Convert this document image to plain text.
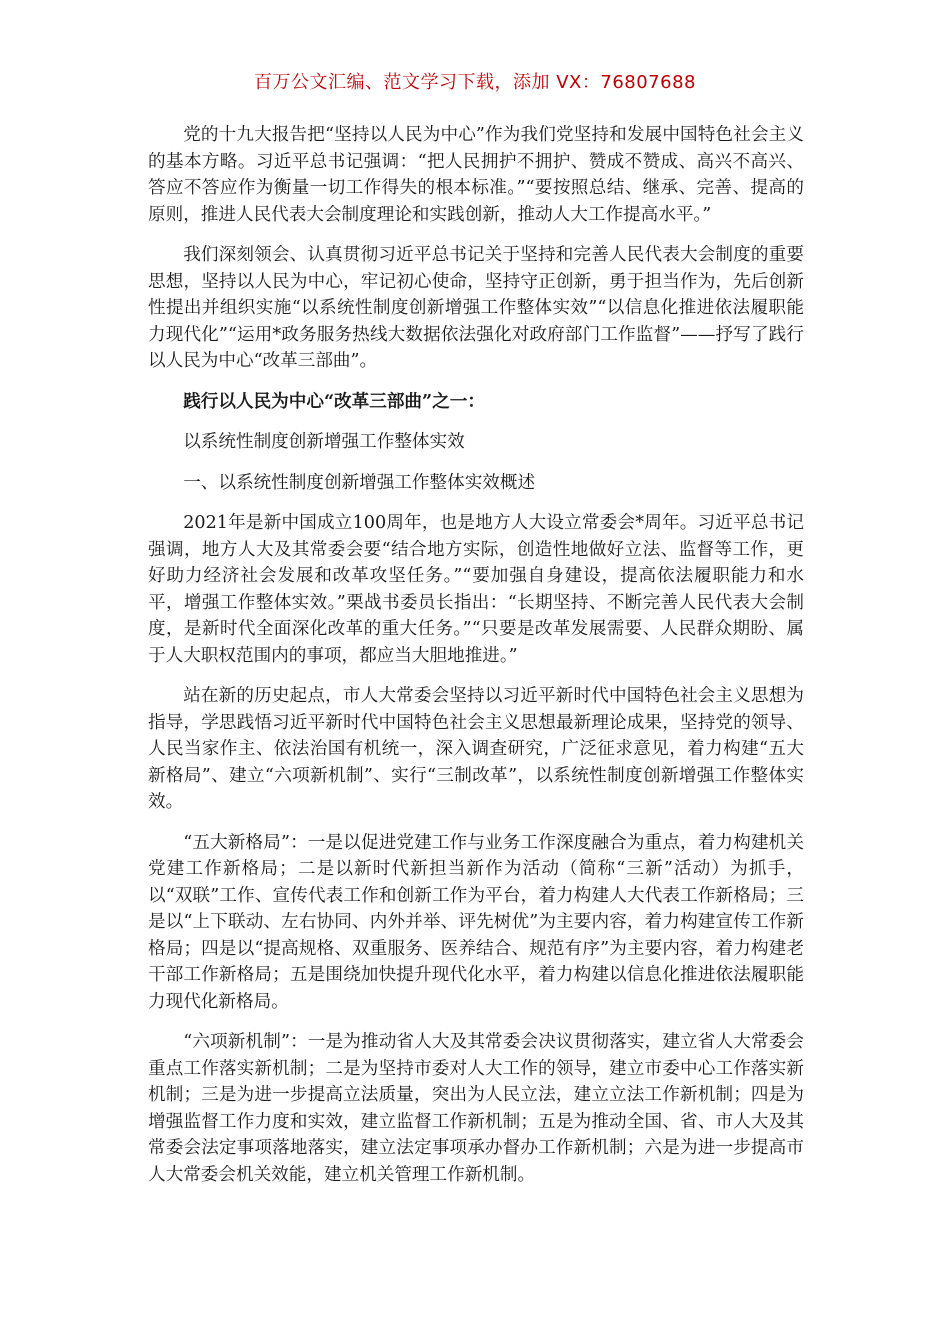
百万公文汇编、范文学习下载，添加 VX：76807688

党的十九大报告把“坚持以人民为中心”作为我们党坚持和发展中国特色社会主义的基本方略。习近平总书记强调：“把人民拥护不拥护、赞成不赞成、高兴不高兴、答应不答应作为衡量一切工作得失的根本标准。”“要按照总结、继承、完善、提高的原则，推进人民代表大会制度理论和实践创新，推动人大工作提高水平。”

我们深刻领会、认真贯彻习近平总书记关于坚持和完善人民代表大会制度的重要思想，坚持以人民为中心，牢记初心使命，坚持守正创新，勇于担当作为，先后创新性提出并组织实施“以系统性制度创新增强工作整体实效”“以信息化推进依法履职能力现代化”“运用*政务服务热线大数据依法强化对政府部门工作监督”——抒写了践行以人民为中心“改革三部曲”。

践行以人民为中心“改革三部曲”之一：

以系统性制度创新增强工作整体实效

一、以系统性制度创新增强工作整体实效概述

2021年是新中国成立100周年，也是地方人大设立常委会*周年。习近平总书记强调，地方人大及其常委会要“结合地方实际，创造性地做好立法、监督等工作，更好助力经济社会发展和改革攻坚任务。”“要加强自身建设，提高依法履职能力和水平，增强工作整体实效。”栗战书委员长指出：“长期坚持、不断完善人民代表大会制度，是新时代全面深化改革的重大任务。”“只要是改革发展需要、人民群众期盼、属于人大职权范围内的事项，都应当大胆地推进。”

站在新的历史起点，市人大常委会坚持以习近平新时代中国特色社会主义思想为指导，学思践悟习近平新时代中国特色社会主义思想最新理论成果，坚持党的领导、人民当家作主、依法治国有机统一，深入调查研究，广泛征求意见，着力构建“五大新格局”、建立“六项新机制”、实行“三制改革”，以系统性制度创新增强工作整体实效。

“五大新格局”：一是以促进党建工作与业务工作深度融合为重点，着力构建机关党建工作新格局；二是以新时代新担当新作为活动（简称“三新”活动）为抓手，以“双联”工作、宣传代表工作和创新工作为平台，着力构建人大代表工作新格局；三是以“上下联动、左右协同、内外并举、评先树优”为主要内容，着力构建宣传工作新格局；四是以“提高规格、双重服务、医养结合、规范有序”为主要内容，着力构建老干部工作新格局；五是围绕加快提升现代化水平，着力构建以信息化推进依法履职能力现代化新格局。

“六项新机制”：一是为推动省人大及其常委会决议贯彻落实，建立省人大常委会重点工作落实新机制；二是为坚持市委对人大工作的领导，建立市委中心工作落实新机制；三是为进一步提高立法质量，突出为人民立法，建立立法工作新机制；四是为增强监督工作力度和实效，建立监督工作新机制；五是为推动全国、省、市人大及其常委会法定事项落地落实，建立法定事项承办督办工作新机制；六是为进一步提高市人大常委会机关效能，建立机关管理工作新机制。
